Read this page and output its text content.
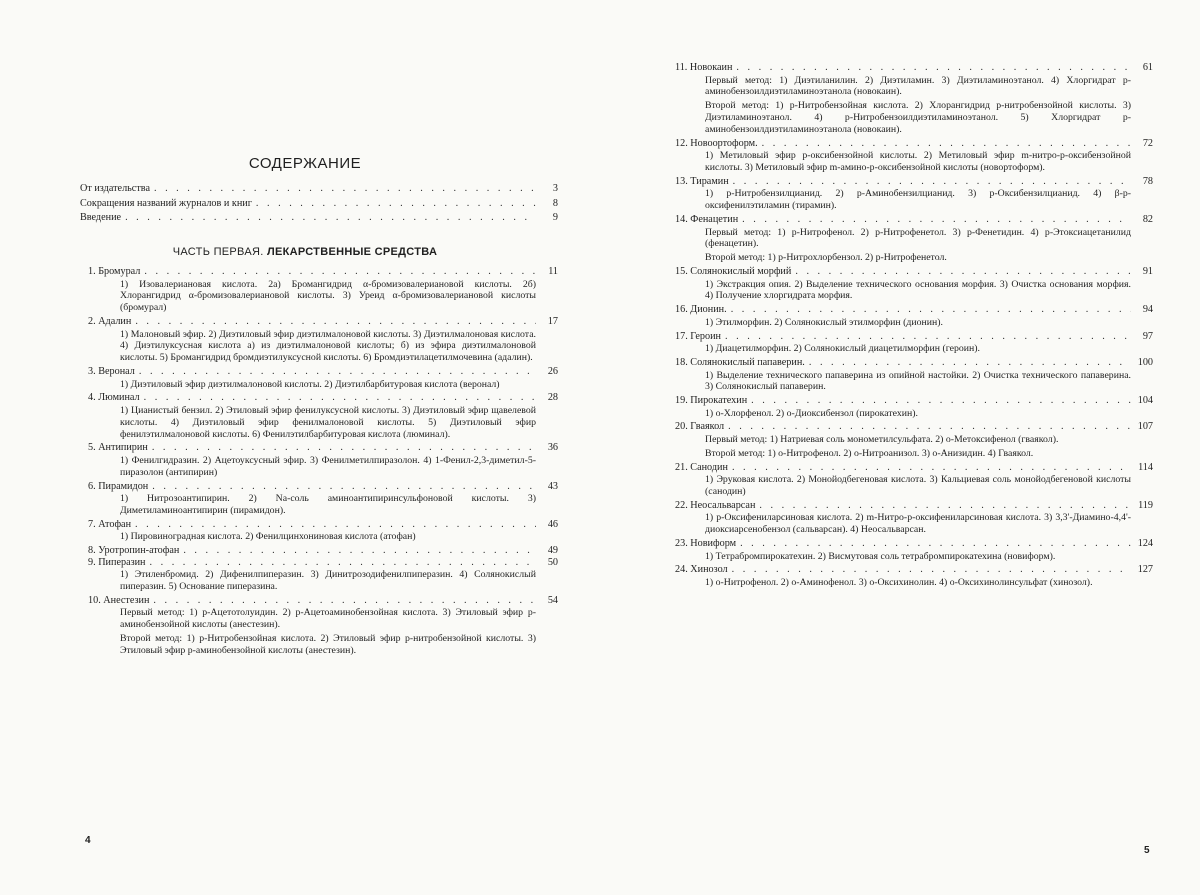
СОДЕРЖАНИЕ
От издательства . . .	3
Сокращения названий журналов и книг . . .	8
Введение . . .	9
ЧАСТЬ ПЕРВАЯ. ЛЕКАРСТВЕННЫЕ СРЕДСТВА
1. Бромурал . . .	11
1) Изовалериановая кислота. 2а) Бромангидрид α-бромизовалериановой кислоты. 2б) Хлорангидрид α-бромизовалериановой кислоты. 3) Уреид α-бромизовалериановой кислоты (бромурал)
2. Адалин . . .	17
1) Малоновый эфир. 2) Диэтиловый эфир диэтилмалоновой кислоты. 3) Диэтилмалоновая кислота. 4) Диэтилуксусная кислота а) из диэтилмалоновой кислоты; б) из эфира диэтилмалоновой кислоты. 5) Бромангидрид бромдиэтилуксусной кислоты. 6) Бромдиэтилацетилмочевина (адалин).
3. Веронал . . .	26
1) Диэтиловый эфир диэтилмалоновой кислоты. 2) Диэтилбарбитуровая кислота (веронал)
4. Люминал . . .	28
1) Цианистый бензил. 2) Этиловый эфир фенилуксусной кислоты. 3) Диэтиловый эфир щавелевой кислоты. 4) Диэтиловый эфир фенилмалоновой кислоты. 5) Диэтиловый эфир фенилэтилмалоновой кислоты. 6) Фенилэтилбарбитуровая кислота (люминал).
5. Антипирин . . .	36
1) Фенилгидразин. 2) Ацетоуксусный эфир. 3) Фенилметилпиразолон. 4) 1-Фенил-2,3-диметил-5-пиразолон (антипирин)
6. Пирамидон . . .	43
1) Нитрозоантипирин. 2) Na-соль аминоантипиринсульфоновой кислоты. 3) Диметиламиноантипирин (пирамидон).
7. Атофан . . .	46
1) Пировиноградная кислота. 2) Фенилцинхониновая кислота (атофан)
8. Уротропин-атофан . . .	49
9. Пиперазин . . .	50
1) Этиленбромид. 2) Дифенилпиперазин. 3) Динитрозодифенилпиперазин. 4) Солянокислый пиперазин. 5) Основание пиперазина.
10. Анестезин . . .	54
Первый метод: 1) p-Ацетотолуидин. 2) p-Ацетоаминобензойная кислота. 3) Этиловый эфир p-аминобензойной кислоты (анестезин).
Второй метод: 1) p-Нитробензойная кислота. 2) Этиловый эфир p-нитробензойной кислоты. 3) Этиловый эфир p-аминобензойной кислоты (анестезин).
4
11. Новокаин . . .	61
Первый метод: 1) Диэтиланилин. 2) Диэтиламин. 3) Диэтиламиноэтанол. 4) Хлоргидрат p-аминобензоилдиэтиламиноэтанола (новокаин).
Второй метод: 1) p-Нитробензойная кислота. 2) Хлорангидрид p-нитробензойной кислоты. 3) Диэтиламиноэтанол. 4) p-Нитробензоилдиэтиламиноэтанол. 5) Хлоргидрат p-аминобензоилдиэтиламиноэтанола (новокаин).
12. Новоортоформ. . . .	72
1) Метиловый эфир p-оксибензойной кислоты. 2) Метиловый эфир m-нитро-p-оксибензойной кислоты. 3) Метиловый эфир m-амино-p-оксибензойной кислоты (новортоформ).
13. Тирамин . . .	78
1) p-Нитробензилцианид. 2) p-Аминобензилцианид. 3) p-Оксибензилцианид. 4) β-p-оксифенилэтиламин (тирамин).
14. Фенацетин . . .	82
Первый метод: 1) p-Нитрофенол. 2) p-Нитрофенетол. 3) p-Фенетидин. 4) p-Этоксиацетанилид (фенацетин).
Второй метод: 1) p-Нитрохлорбензол. 2) p-Нитрофенетол.
15. Солянокислый морфий . . .	91
1) Экстракция опия. 2) Выделение технического основания морфия. 3) Очистка основания морфия. 4) Получение хлоргидрата морфия.
16. Дионин. . . .	94
1) Этилморфин. 2) Солянокислый этилморфин (дионин).
17. Героин . . .	97
1) Диацетилморфин. 2) Солянокислый диацетилморфин (героин).
18. Солянокислый папаверин. . . .	100
1) Выделение технического папаверина из опийной настойки. 2) Очистка технического папаверина. 3) Солянокислый папаверин.
19. Пирокатехин . . .	104
1) o-Хлорфенол. 2) o-Диоксибензол (пирокатехин).
20. Гваякол . . .	107
Первый метод: 1) Натриевая соль монометилсульфата. 2) o-Метоксифенол (гваякол).
Второй метод: 1) o-Нитрофенол. 2) o-Нитроанизол. 3) o-Анизидин. 4) Гваякол.
21. Санодин . . .	114
1) Эруковая кислота. 2) Монойодбегеновая кислота. 3) Кальциевая соль монойодбегеновой кислоты (санодин)
22. Неосальварсан . . .	119
1) p-Оксифениларсиновая кислота. 2) m-Нитро-p-оксифениларсиновая кислота. 3) 3,3'-Диамино-4,4'-диоксиарсенобензол (сальварсан). 4) Неосальварсан.
23. Новиформ . . .	124
1) Тетрабромпирокатехин. 2) Висмутовая соль тетрабромпирокатехина (новиформ).
24. Хинозол . . .	127
1) o-Нитрофенол. 2) o-Аминофенол. 3) o-Оксихинолин. 4) o-Оксихинолинсульфат (хинозол).
5
